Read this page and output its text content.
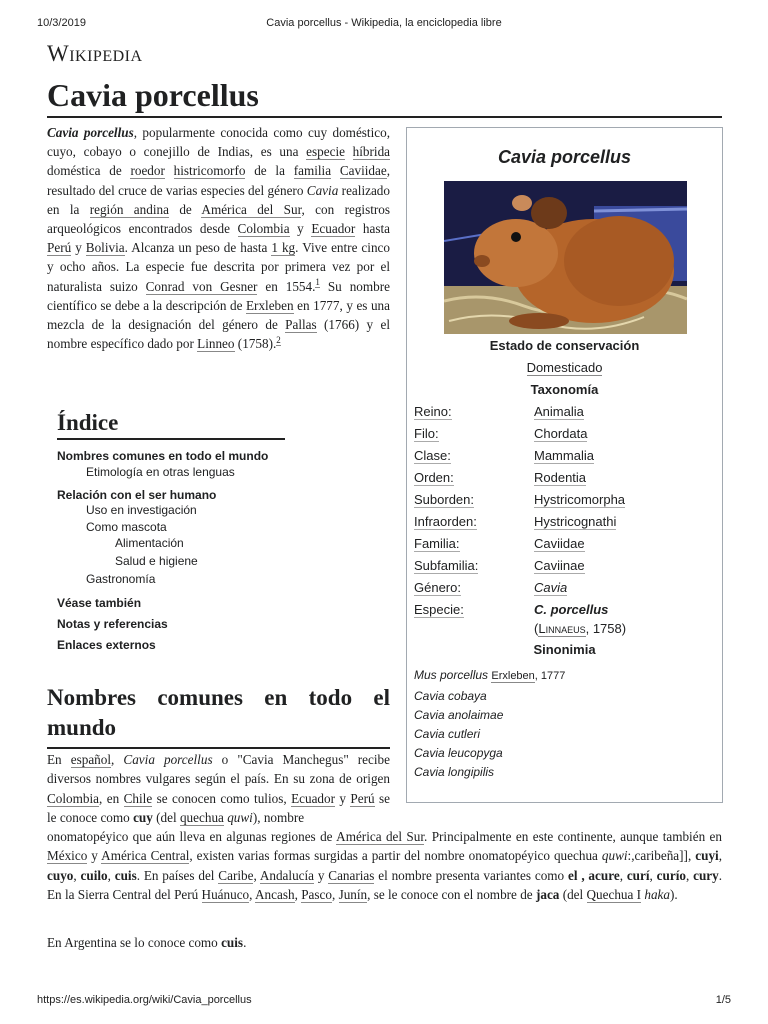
10/3/2019	Cavia porcellus - Wikipedia, la enciclopedia libre
Wikipedia
Cavia porcellus

Cavia porcellus, popularmente conocida como cuy doméstico, cuyo, cobayo o conejillo de Indias, es una especie híbrida doméstica de roedor histricomorfo de la familia Caviidae, resultado del cruce de varias especies del género Cavia realizado en la región andina de América del Sur, con registros arqueológicos encontrados desde Colombia y Ecuador hasta Perú y Bolivia. Alcanza un peso de hasta 1 kg. Vive entre cinco y ocho años. La especie fue descrita por primera vez por el naturalista suizo Conrad von Gesner en 1554.$^1$ Su nombre científico se debe a la descripción de Erxleben en 1777, y es una mezcla de la designación del género de Pallas (1766) y el nombre específico dado por Linneo (1758).$^2$

Cavia porcellus
Estado de conservación
Domesticado
Taxonomía
Reino:	Animalia
Filo:	Chordata
Clase:	Mammalia
Orden:	Rodentia
Suborden:	Hystricomorpha
Infraorden:	Hystricognathi
Familia:	Caviidae
Subfamilia:	Caviinae
Género:	Cavia
Especie:	C. porcellus
(Linnaeus, 1758)
Sinonimia
Mus porcellus Erxleben, 1777
Cavia cobaya
Cavia anolaimae
Cavia cutleri
Cavia leucopyga
Cavia longipilis
Índice
Nombres comunes en todo el mundo
Etimología en otras lenguas
Relación con el ser humano
Uso en investigación
Como mascota
Alimentación
Salud e higiene
Gastronomía
Véase también
Notas y referencias
Enlaces externos
Nombres comunes en todo el mundo

En español, Cavia porcellus o "Cavia Manchegus" recibe diversos nombres vulgares según el país. En su zona de origen Colombia, en Chile se conocen como tulios, Ecuador y Perú se le conoce como cuy (del quechua quwi), nombre

onomatopéyico que aún lleva en algunas regiones de América del Sur. Principalmente en este continente, aunque también en México y América Central, existen varias formas surgidas a partir del nombre onomatopéyico quechua quwi:,caribeña]], cuyi, cuyo, cuilo, cuis. En países del Caribe, Andalucía y Canarias el nombre presenta variantes como el , acure, curí, curío, cury. En la Sierra Central del Perú Huánuco, Ancash, Pasco, Junín, se le conoce con el nombre de jaca (del Quechua I haka).

En Argentina se lo conoce como cuis.

https://es.wikipedia.org/wiki/Cavia_porcellus	1/5
